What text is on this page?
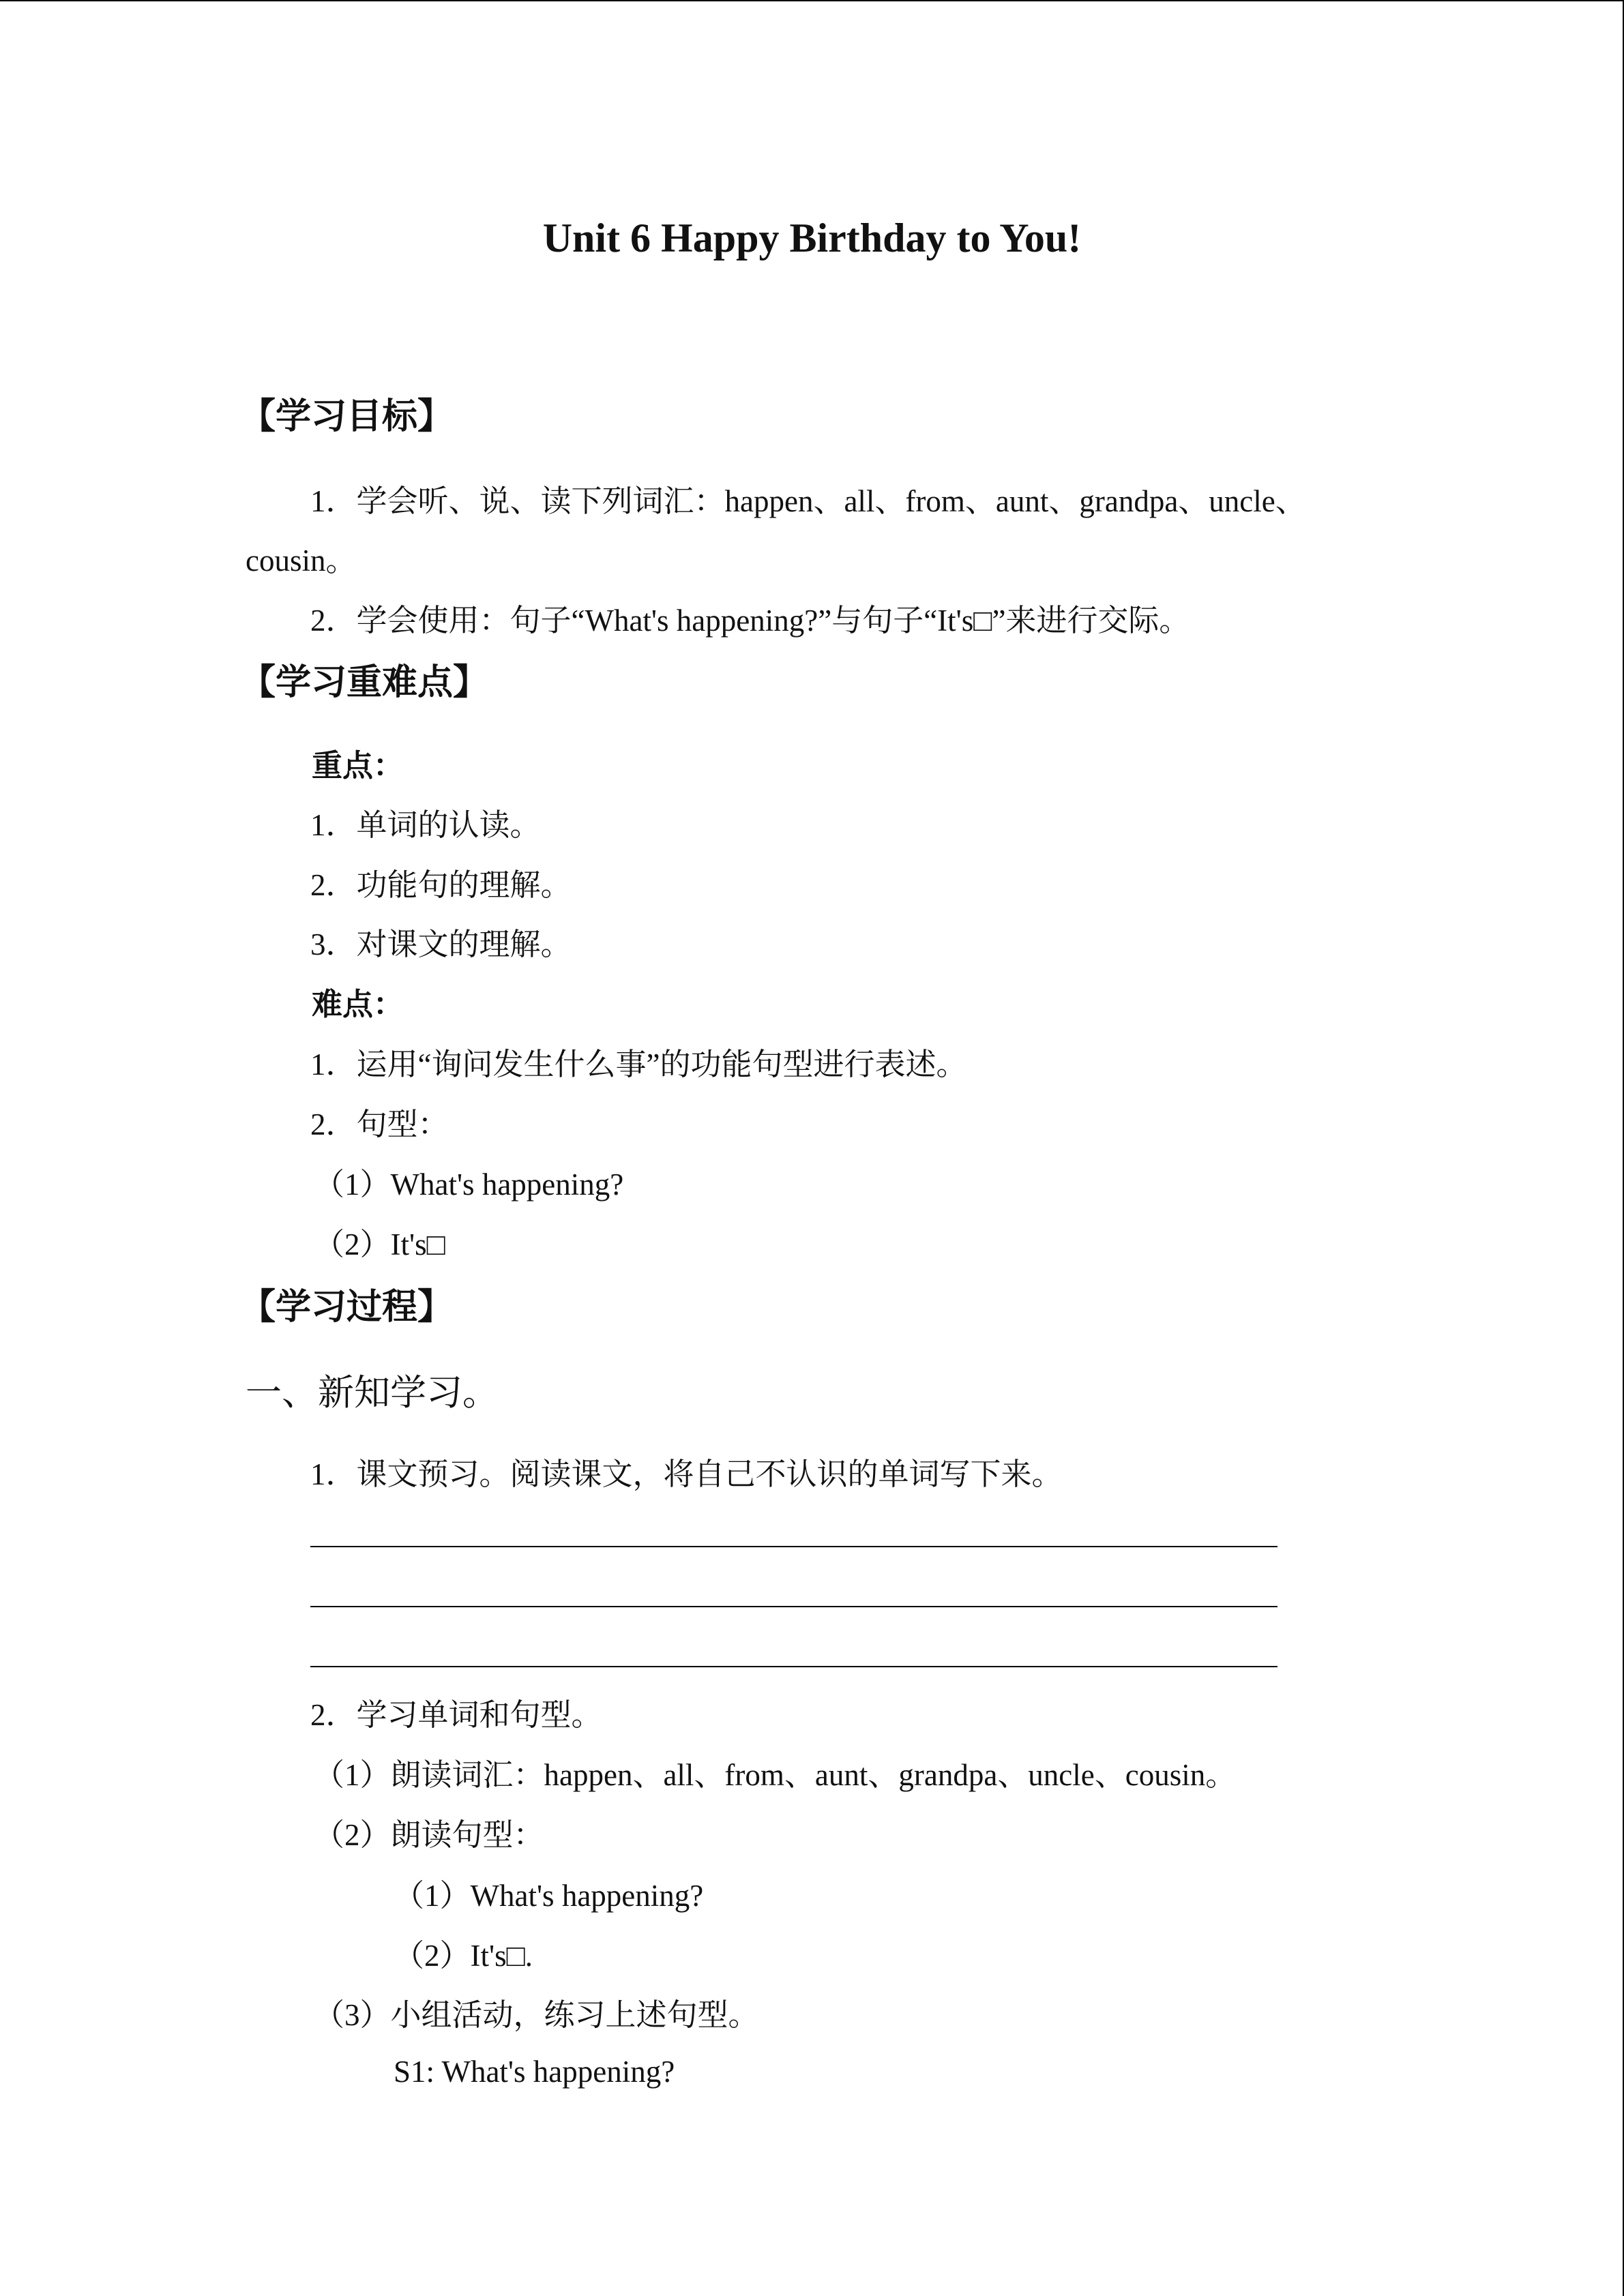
Unit 6 Happy Birthday to You!
【学习目标】
1．学会听、说、读下列词汇：happen、all、from、aunt、grandpa、uncle、
cousin。
2．学会使用：句子“What's happening?”与句子“It's□”来进行交际。
【学习重难点】
重点：
1．单词的认读。
2．功能句的理解。
3．对课文的理解。
难点：
1．运用“询问发生什么事”的功能句型进行表述。
2．句型：
（1）What's happening?
（2）It's□
【学习过程】
一、新知学习。
1．课文预习。阅读课文，将自己不认识的单词写下来。
2．学习单词和句型。
（1）朗读词汇：happen、all、from、aunt、grandpa、uncle、cousin。
（2）朗读句型：
（1）What's happening?
（2）It's□.
（3）小组活动，练习上述句型。
S1: What's happening?
